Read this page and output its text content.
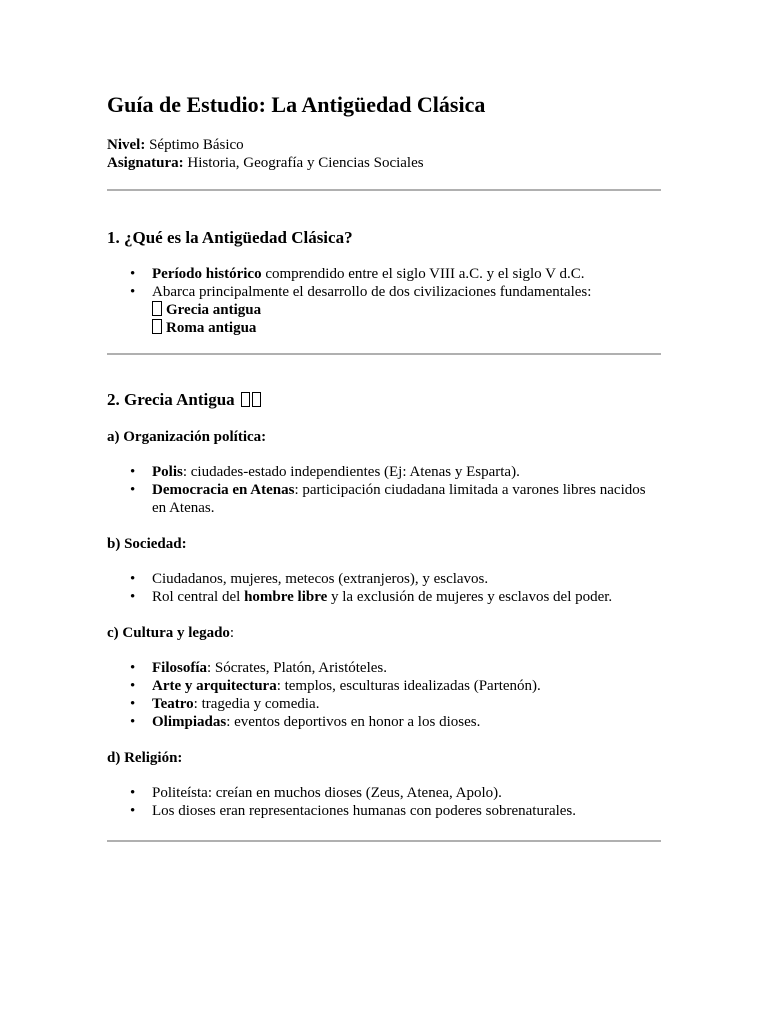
Guía de Estudio: La Antigüedad Clásica
Nivel: Séptimo Básico
Asignatura: Historia, Geografía y Ciencias Sociales
1. ¿Qué es la Antigüedad Clásica?
• Período histórico comprendido entre el siglo VIII a.C. y el siglo V d.C.
• Abarca principalmente el desarrollo de dos civilizaciones fundamentales:
Grecia antigua
Roma antigua
2. Grecia Antigua
a) Organización política:
• Polis: ciudades-estado independientes (Ej: Atenas y Esparta).
• Democracia en Atenas: participación ciudadana limitada a varones libres nacidos en Atenas.
b) Sociedad:
• Ciudadanos, mujeres, metecos (extranjeros), y esclavos.
• Rol central del hombre libre y la exclusión de mujeres y esclavos del poder.
c) Cultura y legado:
• Filosofía: Sócrates, Platón, Aristóteles.
• Arte y arquitectura: templos, esculturas idealizadas (Partenón).
• Teatro: tragedia y comedia.
• Olimpiadas: eventos deportivos en honor a los dioses.
d) Religión:
• Politeísta: creían en muchos dioses (Zeus, Atenea, Apolo).
• Los dioses eran representaciones humanas con poderes sobrenaturales.
